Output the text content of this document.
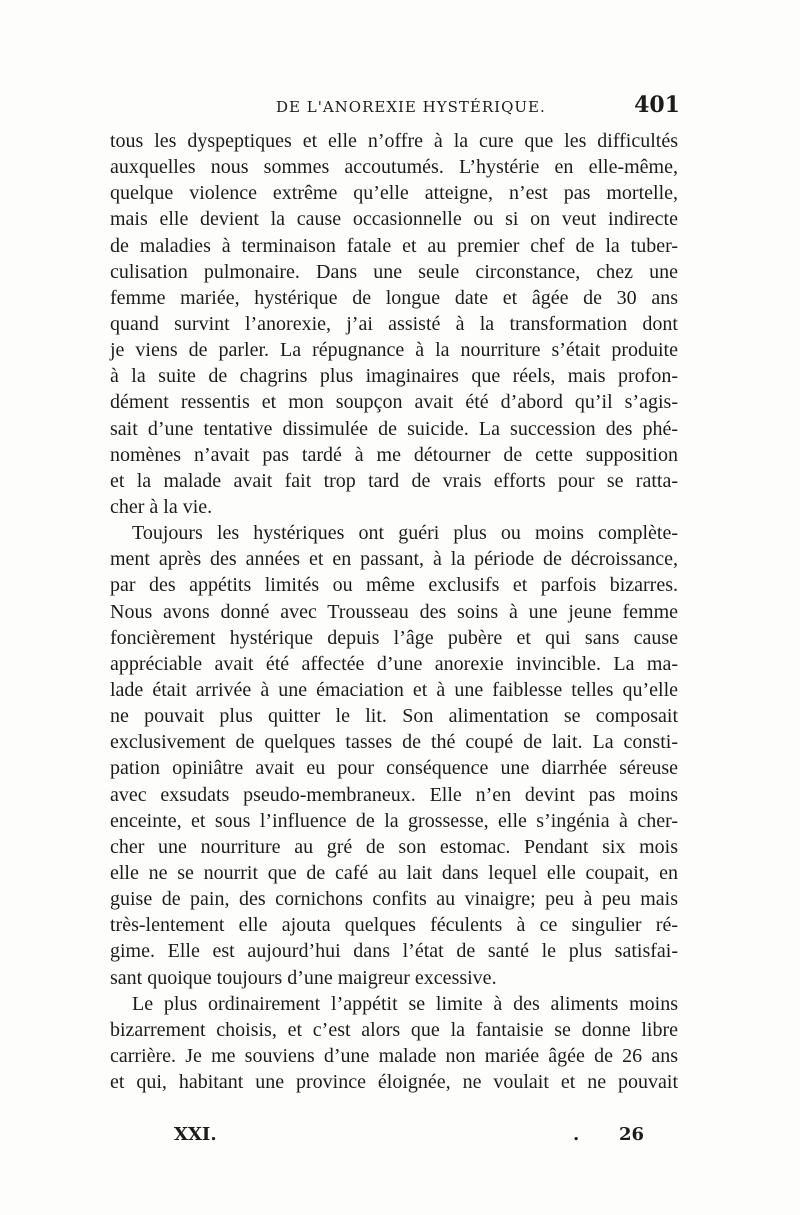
DE L'ANOREXIE HYSTÉRIQUE.	401
tous les dyspeptiques et elle n’offre à la cure que les difficultés
auxquelles nous sommes accoutumés. L’hystérie en elle-même,
quelque violence extrême qu’elle atteigne, n’est pas mortelle,
mais elle devient la cause occasionnelle ou si on veut indirecte
de maladies à terminaison fatale et au premier chef de la tuber-
culisation pulmonaire. Dans une seule circonstance, chez une
femme mariée, hystérique de longue date et âgée de 30 ans
quand survint l’anorexie, j’ai assisté à la transformation dont
je viens de parler. La répugnance à la nourriture s’était produite
à la suite de chagrins plus imaginaires que réels, mais profon-
dément ressentis et mon soupçon avait été d’abord qu’il s’agis-
sait d’une tentative dissimulée de suicide. La succession des phé-
nomènes n’avait pas tardé à me détourner de cette supposition
et la malade avait fait trop tard de vrais efforts pour se ratta-
cher à la vie.
Toujours les hystériques ont guéri plus ou moins complète-
ment après des années et en passant, à la période de décroissance,
par des appétits limités ou même exclusifs et parfois bizarres.
Nous avons donné avec Trousseau des soins à une jeune femme
foncièrement hystérique depuis l’âge pubère et qui sans cause
appréciable avait été affectée d’une anorexie invincible. La ma-
lade était arrivée à une émaciation et à une faiblesse telles qu’elle
ne pouvait plus quitter le lit. Son alimentation se composait
exclusivement de quelques tasses de thé coupé de lait. La consti-
pation opiniâtre avait eu pour conséquence une diarrhée séreuse
avec exsudats pseudo-membraneux. Elle n’en devint pas moins
enceinte, et sous l’influence de la grossesse, elle s’ingénia à cher-
cher une nourriture au gré de son estomac. Pendant six mois
elle ne se nourrit que de café au lait dans lequel elle coupait, en
guise de pain, des cornichons confits au vinaigre; peu à peu mais
très-lentement elle ajouta quelques féculents à ce singulier ré-
gime. Elle est aujourd’hui dans l’état de santé le plus satisfai-
sant quoique toujours d’une maigreur excessive.
Le plus ordinairement l’appétit se limite à des aliments moins
bizarrement choisis, et c’est alors que la fantaisie se donne libre
carrière. Je me souviens d’une malade non mariée âgée de 26 ans
et qui, habitant une province éloignée, ne voulait et ne pouvait
XXI.	. 26
